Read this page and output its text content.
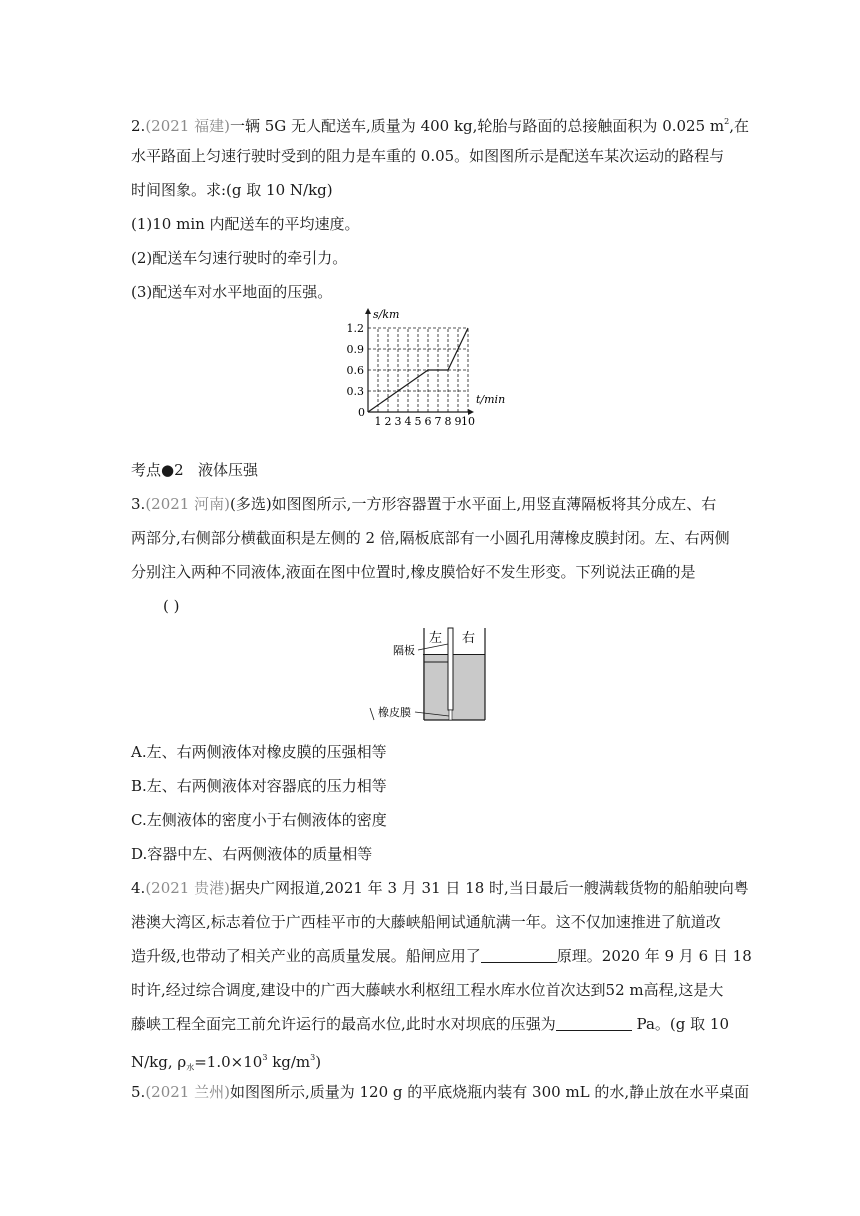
2.(2021 福建)一辆 5G 无人配送车,质量为 400 kg,轮胎与路面的总接触面积为 0.025 $m^2$,在
水平路面上匀速行驶时受到的阻力是车重的 0.05。如图图所示是配送车某次运动的路程与
时间图象。求:(g 取 10 N/kg)
(1)10 min 内配送车的平均速度。
(2)配送车匀速行驶时的牵引力。
(3)配送车对水平地面的压强。
s/km
t/min
0
1 2 3 4 5 6 7 8 9 10
0.3
0.6
0.9
1.2
考点●2 液体压强
3.(2021 河南)(多选)如图图所示,一方形容器置于水平面上,用竖直薄隔板将其分成左、右
两部分,右侧部分横截面积是左侧的 2 倍,隔板底部有一小圆孔用薄橡皮膜封闭。左、右两侧
分别注入两种不同液体,液面在图中位置时,橡皮膜恰好不发生形变。下列说法正确的是
( )
左 右
隔板
橡皮膜
A.左、右两侧液体对橡皮膜的压强相等
B.左、右两侧液体对容器底的压力相等
C.左侧液体的密度小于右侧液体的密度
D.容器中左、右两侧液体的质量相等
4.(2021 贵港)据央广网报道,2021 年 3 月 31 日 18 时,当日最后一艘满载货物的船舶驶向粤
港澳大湾区,标志着位于广西桂平市的大藤峡船闸试通航满一年。这不仅加速推进了航道改
造升级,也带动了相关产业的高质量发展。船闸应用了	原理。2020 年 9 月 6 日 18
时许,经过综合调度,建设中的广西大藤峡水利枢纽工程水库水位首次达到52 m高程,这是大
藤峡工程全面完工前允许运行的最高水位,此时水对坝底的压强为	Pa。(g 取 10
N/kg, $\rho_水=1.0\times 10^3$ $kg/m^3$)
5.(2021 兰州)如图图所示,质量为 120 g 的平底烧瓶内装有 300 mL 的水,静止放在水平桌面
